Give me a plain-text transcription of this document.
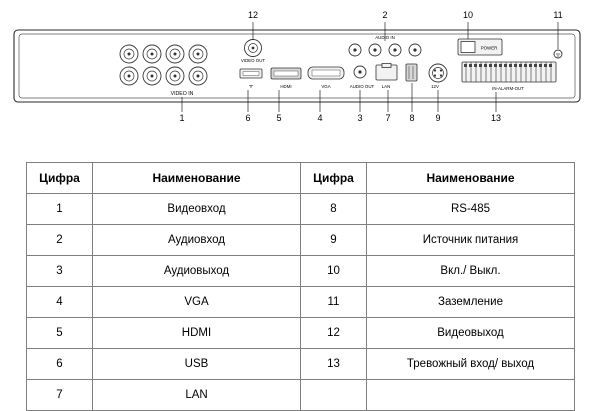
VIDEO IN
VIDEO OUT
⛛	HDMI	VGA
AUDIO IN
AUDIO OUT LAN	12V
POWER
IN-ALARM-OUT
12	2	10	11
1	6	5	4	3	7 8 9	13
Цифра	Наименование	Цифра	Наименование
1	Видеовход	8	RS-485
2	Аудиовход	9	Источник питания
3	Аудиовыход	10	Вкл./ Выкл.
4	VGA	11	Заземление
5	HDMI	12	Видеовыход
6	USB	13	Тревожный вход/ выход
7	LAN		
